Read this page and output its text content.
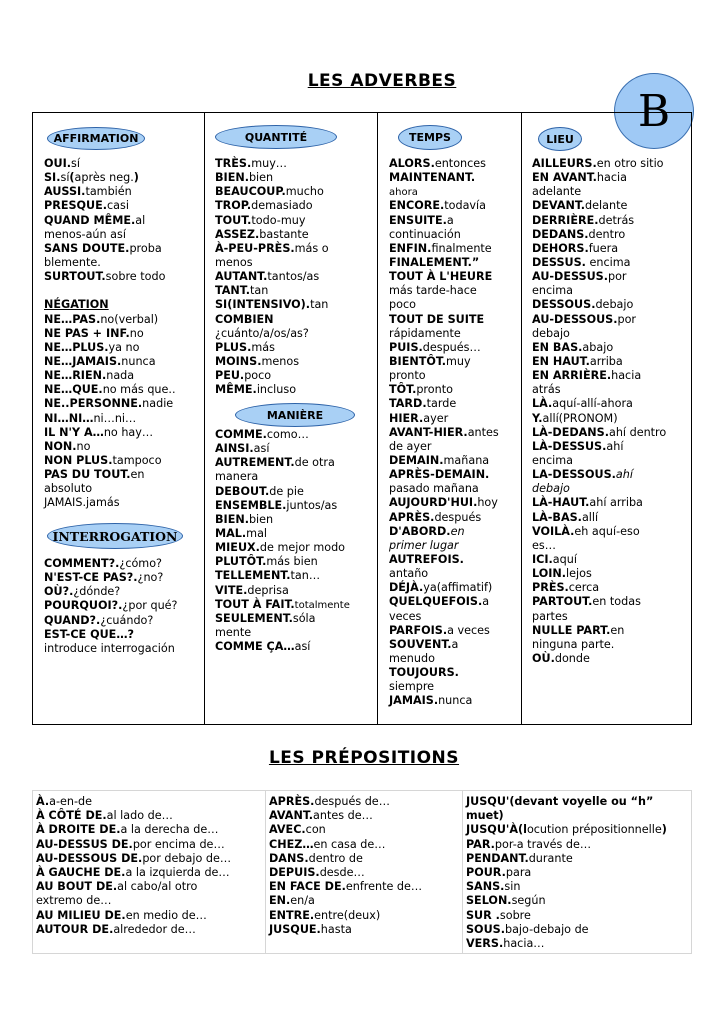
LES ADVERBES
B
AFFIRMATION
OUI.sí
SI.sí(après neg.)
AUSSI.también
PRESQUE.casi
QUAND MÊME.al
menos-aún así
SANS DOUTE.proba
blemente.
SURTOUT.sobre todo
NÉGATION
NE…PAS.no(verbal)
NE PAS + INF.no
NE…PLUS.ya no
NE…JAMAIS.nunca
NE…RIEN.nada
NE…QUE.no más que..
NE..PERSONNE.nadie
NI…NI…ni…ni…
IL N'Y A…no hay…
NON.no
NON PLUS.tampoco
PAS DU TOUT.en
absoluto
JAMAIS.jamás
INTERROGATION
COMMENT?.¿cómo?
N'EST-CE PAS?.¿no?
OÙ?.¿dónde?
POURQUOI?.¿por qué?
QUAND?.¿cuándo?
EST-CE QUE…?
introduce interrogación
QUANTITÉ
TRÈS.muy…
BIEN.bien
BEAUCOUP.mucho
TROP.demasiado
TOUT.todo-muy
ASSEZ.bastante
À-PEU-PRÈS.más o
menos
AUTANT.tantos/as
TANT.tan
SI(INTENSIVO).tan
COMBIEN
¿cuánto/a/os/as?
PLUS.más
MOINS.menos
PEU.poco
MÊME.incluso
MANIÈRE
COMME.como…
AINSI.así
AUTREMENT.de otra
manera
DEBOUT.de pie
ENSEMBLE.juntos/as
BIEN.bien
MAL.mal
MIEUX.de mejor modo
PLUTÔT.más bien
TELLEMENT.tan…
VITE.deprisa
TOUT À FAIT.totalmente
SEULEMENT.sóla
mente
COMME ÇA…así
TEMPS
ALORS.entonces
MAINTENANT.
ahora
ENCORE.todavía
ENSUITE.a
continuación
ENFIN.finalmente
FINALEMENT.”
TOUT À L'HEURE
más tarde-hace
poco
TOUT DE SUITE
rápidamente
PUIS.después…
BIENTÔT.muy
pronto
TÔT.pronto
TARD.tarde
HIER.ayer
AVANT-HIER.antes
de ayer
DEMAIN.mañana
APRÈS-DEMAIN.
pasado mañana
AUJOURD'HUI.hoy
APRÈS.después
D'ABORD.en
primer lugar
AUTREFOIS.
antaño
DÉJÀ.ya(affimatif)
QUELQUEFOIS.a
veces
PARFOIS.a veces
SOUVENT.a
menudo
TOUJOURS.
siempre
JAMAIS.nunca
LIEU
AILLEURS.en otro sitio
EN AVANT.hacia
adelante
DEVANT.delante
DERRIÈRE.detrás
DEDANS.dentro
DEHORS.fuera
DESSUS. encima
AU-DESSUS.por
encima
DESSOUS.debajo
AU-DESSOUS.por
debajo
EN BAS.abajo
EN HAUT.arriba
EN ARRIÈRE.hacia
atrás
LÀ.aquí-allí-ahora
Y.allí(PRONOM)
LÀ-DEDANS.ahí dentro
LÀ-DESSUS.ahí
encima
LA-DESSOUS.ahí
debajo
LÀ-HAUT.ahí arriba
LÀ-BAS.allí
VOILÀ.eh aquí-eso
es…
ICI.aquí
LOIN.lejos
PRÈS.cerca
PARTOUT.en todas
partes
NULLE PART.en
ninguna parte.
OÙ.donde
LES PRÉPOSITIONS
À.a-en-de
À CÔTÉ DE.al lado de…
À DROITE DE.a la derecha de…
AU-DESSUS DE.por encima de…
AU-DESSOUS DE.por debajo de…
À GAUCHE DE.a la izquierda de…
AU BOUT DE.al cabo/al otro
extremo de…
AU MILIEU DE.en medio de…
AUTOUR DE.alrededor de…
APRÈS.después de…
AVANT.antes de…
AVEC.con
CHEZ…en casa de…
DANS.dentro de
DEPUIS.desde…
EN FACE DE.enfrente de…
EN.en/a
ENTRE.entre(deux)
JUSQUE.hasta
JUSQU'(devant voyelle ou “h”
muet)
JUSQU'À(locution prépositionnelle)
PAR.por-a través de…
PENDANT.durante
POUR.para
SANS.sin
SELON.según
SUR .sobre
SOUS.bajo-debajo de
VERS.hacia…
